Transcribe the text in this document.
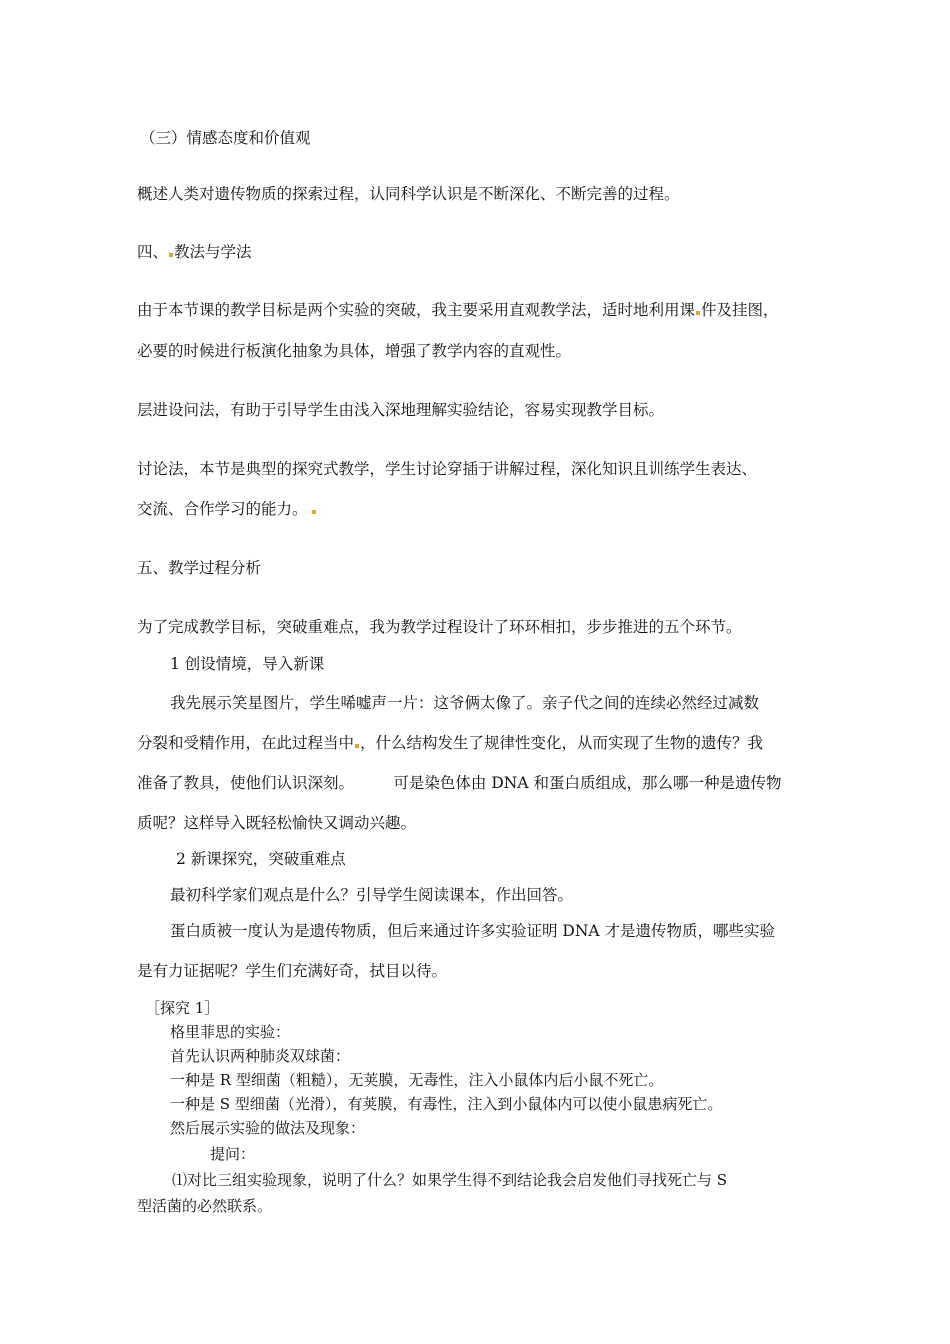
（三）情感态度和价值观
概述人类对遗传物质的探索过程，认同科学认识是不断深化、不断完善的过程。
四、 教法与学法
由于本节课的教学目标是两个实验的突破，我主要采用直观教学法，适时地利用课 件及挂图，
必要的时候进行板演化抽象为具体，增强了教学内容的直观性。
层进设问法，有助于引导学生由浅入深地理解实验结论，容易实现教学目标。
讨论法，本节是典型的探究式教学，学生讨论穿插于讲解过程，深化知识且训练学生表达、
交流、合作学习的能力。
五、教学过程分析
为了完成教学目标，突破重难点，我为教学过程设计了环环相扣，步步推进的五个环节。
1 创设情境，导入新课
我先展示笑星图片，学生唏嘘声一片：这爷俩太像了。亲子代之间的连续必然经过减数
分裂和受精作用，在此过程当中 ，什么结构发生了规律性变化，从而实现了生物的遗传？我
准备了教具，使他们认识深刻。        可是染色体由 DNA 和蛋白质组成，那么哪一种是遗传物
质呢？这样导入既轻松愉快又调动兴趣。
2 新课探究，突破重难点
最初科学家们观点是什么？引导学生阅读课本，作出回答。
蛋白质被一度认为是遗传物质，但后来通过许多实验证明 DNA 才是遗传物质，哪些实验
是有力证据呢？学生们充满好奇，拭目以待。
［探究 1］
格里菲思的实验：
首先认识两种肺炎双球菌：
一种是 R 型细菌（粗糙），无荚膜，无毒性，注入小鼠体内后小鼠不死亡。
一种是 S 型细菌（光滑），有荚膜，有毒性，注入到小鼠体内可以使小鼠患病死亡。
然后展示实验的做法及现象：
提问：
⑴对比三组实验现象，说明了什么？如果学生得不到结论我会启发他们寻找死亡与 S
型活菌的必然联系。
